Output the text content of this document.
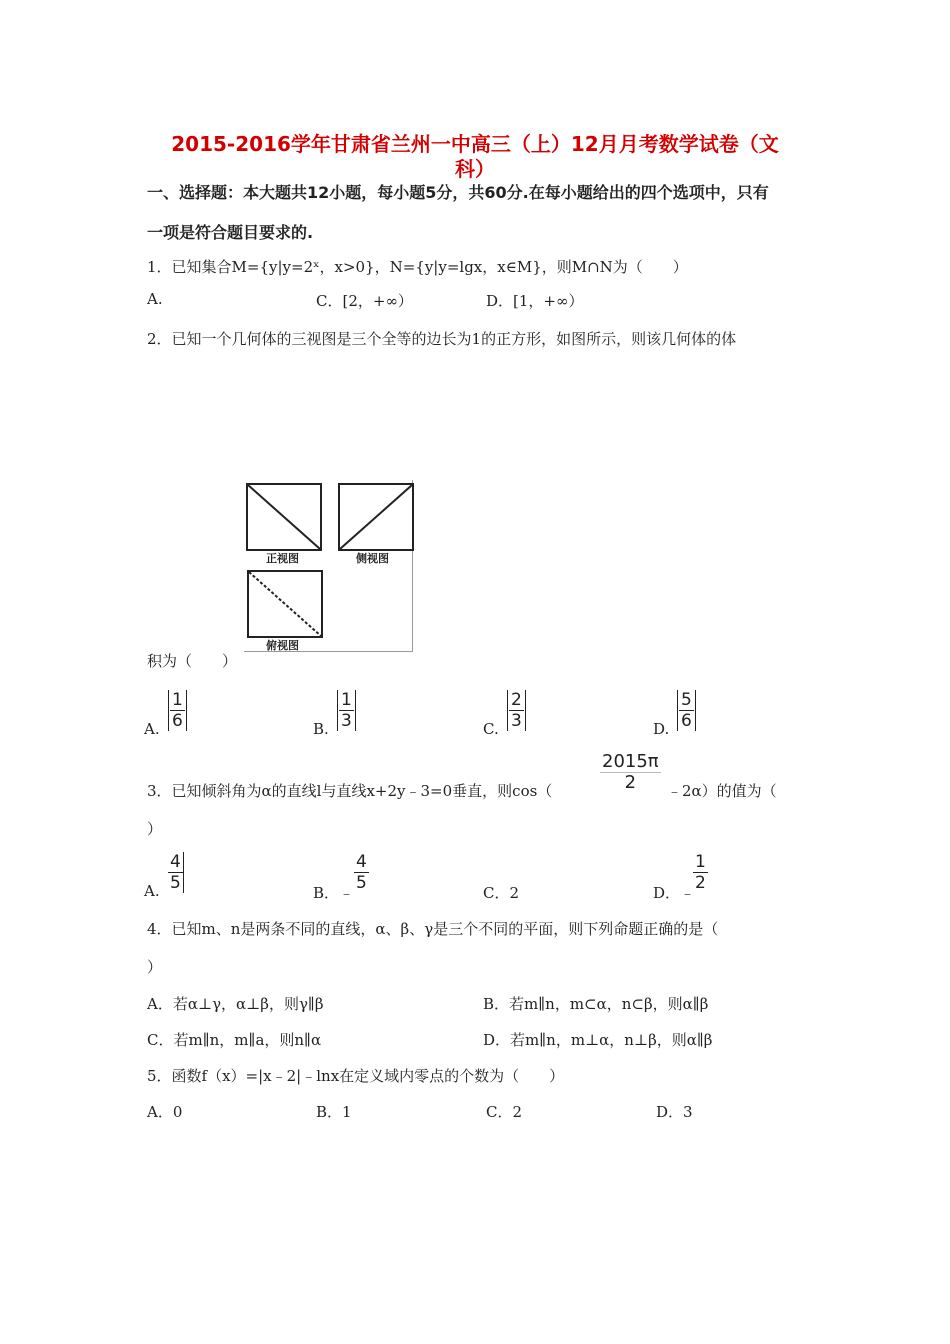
2015-2016学年甘肃省兰州一中高三（上）12月月考数学试卷（文
科）
一、选择题：本大题共12小题，每小题5分，共60分.在每小题给出的四个选项中，只有
一项是符合题目要求的.
1．已知集合M={y|y=2ˣ，x>0}，N={y|y=lgx，x∈M}，则M∩N为（　　）
A.	C．[2，+∞）	D．[1，+∞）
2．已知一个几何体的三视图是三个全等的边长为1的正方形，如图所示，则该几何体的体
正视图	侧视图
俯视图
积为（　　）
A. $\frac{1}{6}$	B. $\frac{1}{3}$	C. $\frac{2}{3}$	D. $\frac{5}{6}$
3．已知倾斜角为α的直线l与直线x+2y﹣3=0垂直，则cos（	$\frac{2015\pi}{2}$ ﹣2α）的值为（
）
A. $\frac{4}{5}$	B．﹣ $\frac{4}{5}$	C．2	D．﹣
$\frac{1}{2}$
4．已知m、n是两条不同的直线，α、β、γ是三个不同的平面，则下列命题正确的是（
）
A．若α⊥γ，α⊥β，则γ∥β	B．若m∥n，m⊂α，n⊂β，则α∥β
C．若m∥n，m∥a，则n∥α	D．若m∥n，m⊥α，n⊥β，则α∥β
5．函数f（x）=|x﹣2|﹣lnx在定义域内零点的个数为（　　）
A．0	B．1	C．2	D．3
